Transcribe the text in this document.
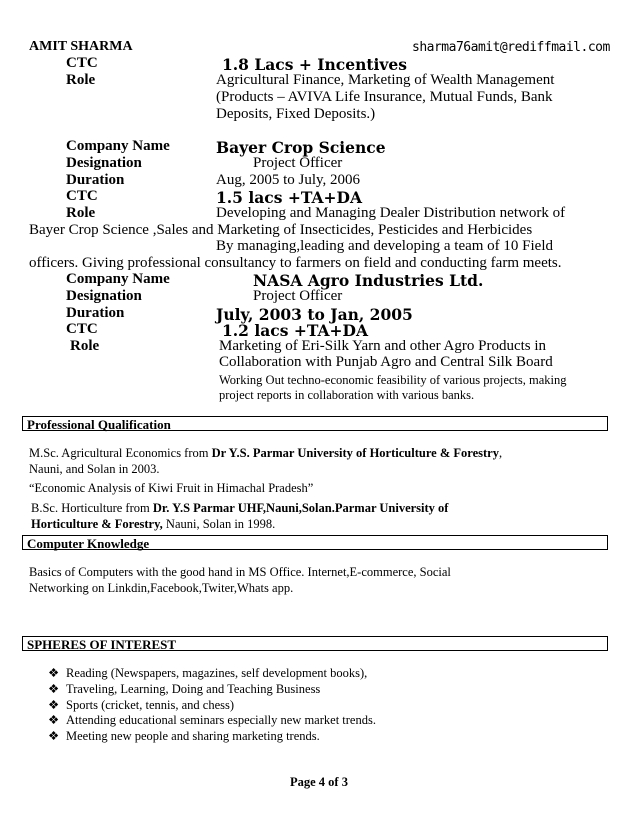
AMIT SHARMA	sharma76amit@rediffmail.com
CTC	1.8 Lacs + Incentives
Role	Agricultural Finance, Marketing of Wealth Management
(Products – AVIVA Life Insurance, Mutual Funds, Bank
Deposits, Fixed Deposits.)
Company Name	Bayer Crop Science
Designation	Project Officer
Duration	Aug, 2005 to July, 2006
CTC	1.5 lacs +TA+DA
Role	Developing and Managing Dealer Distribution network of
Bayer Crop Science ,Sales and Marketing of Insecticides, Pesticides and Herbicides
By managing,leading and developing a team of 10 Field
officers. Giving professional consultancy to farmers on field and conducting farm meets.
Company Name	NASA Agro Industries Ltd.
Designation	Project Officer
Duration	July, 2003 to Jan, 2005
CTC	1.2 lacs +TA+DA
Role	Marketing of Eri-Silk Yarn and other Agro Products in
Collaboration with Punjab Agro and Central Silk Board
Working Out techno-economic feasibility of various projects, making
project reports in collaboration with various banks.
Professional Qualification
M.Sc. Agricultural Economics from Dr Y.S. Parmar University of Horticulture & Forestry,
Nauni, and Solan in 2003.
“Economic Analysis of Kiwi Fruit in Himachal Pradesh”
B.Sc. Horticulture from Dr. Y.S Parmar UHF,Nauni,Solan.Parmar University of
Horticulture & Forestry, Nauni, Solan in 1998.
Computer Knowledge
Basics of Computers with the good hand in MS Office. Internet,E-commerce, Social
Networking on Linkdin,Facebook,Twiter,Whats app.
SPHERES OF INTEREST
❖ Reading (Newspapers, magazines, self development books),
❖ Traveling, Learning, Doing and Teaching Business
❖ Sports (cricket, tennis, and chess)
❖ Attending educational seminars especially new market trends.
❖ Meeting new people and sharing marketing trends.
Page 4 of 3
